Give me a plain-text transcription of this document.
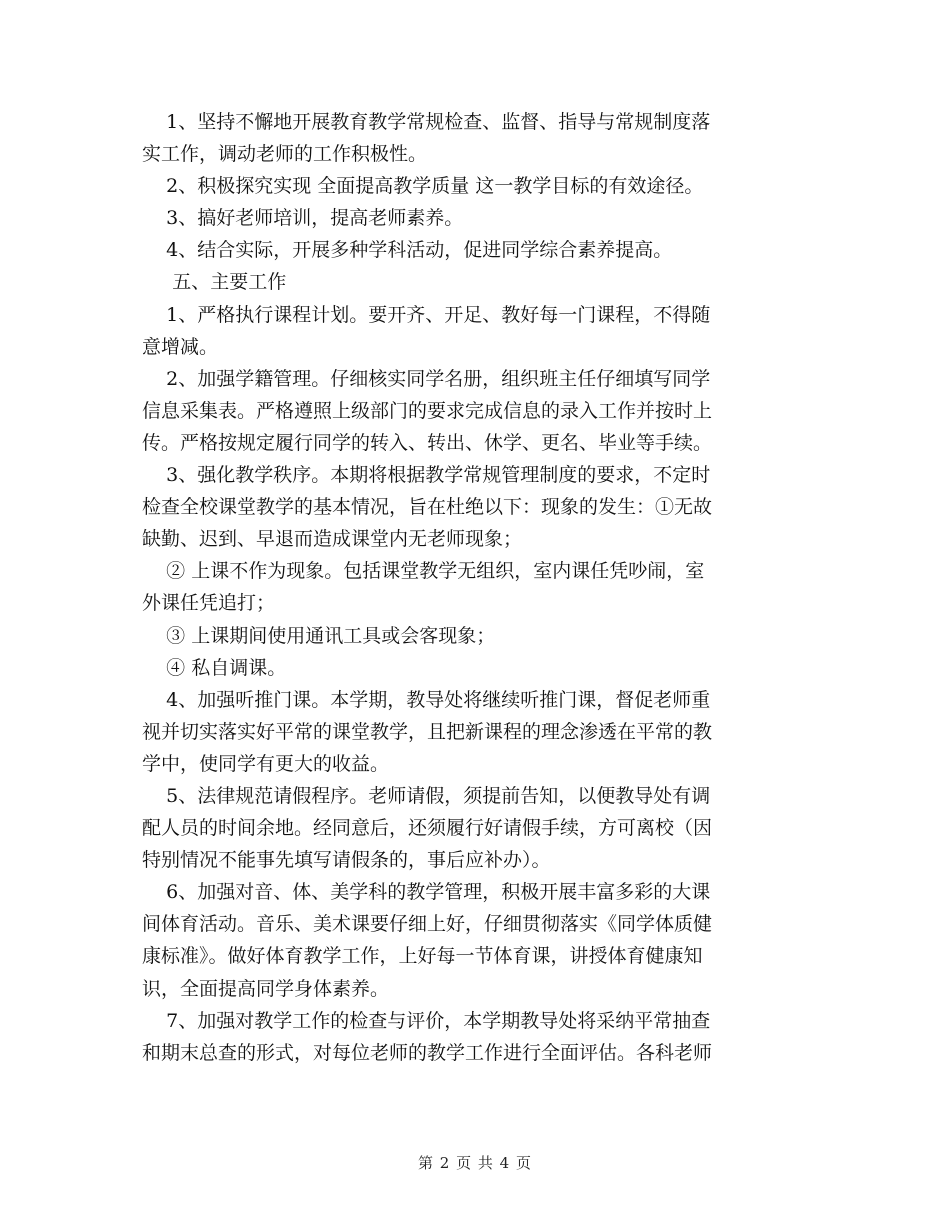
1、坚持不懈地开展教育教学常规检查、监督、指导与常规制度落
实工作，调动老师的工作积极性。
2、积极探究实现 全面提高教学质量 这一教学目标的有效途径。
3、搞好老师培训，提高老师素养。
4、结合实际，开展多种学科活动，促进同学综合素养提高。
五、主要工作
1、严格执行课程计划。要开齐、开足、教好每一门课程，不得随
意增减。
2、加强学籍管理。仔细核实同学名册，组织班主任仔细填写同学
信息采集表。严格遵照上级部门的要求完成信息的录入工作并按时上
传。严格按规定履行同学的转入、转出、休学、更名、毕业等手续。
3、强化教学秩序。本期将根据教学常规管理制度的要求，不定时
检查全校课堂教学的基本情况，旨在杜绝以下：现象的发生：①无故
缺勤、迟到、早退而造成课堂内无老师现象；
② 上课不作为现象。包括课堂教学无组织，室内课任凭吵闹，室
外课任凭追打；
③ 上课期间使用通讯工具或会客现象；
④ 私自调课。
4、加强听推门课。本学期，教导处将继续听推门课，督促老师重
视并切实落实好平常的课堂教学，且把新课程的理念渗透在平常的教
学中，使同学有更大的收益。
5、法律规范请假程序。老师请假，须提前告知，以便教导处有调
配人员的时间余地。经同意后，还须履行好请假手续，方可离校（因
特别情况不能事先填写请假条的，事后应补办）。
6、加强对音、体、美学科的教学管理，积极开展丰富多彩的大课
间体育活动。音乐、美术课要仔细上好，仔细贯彻落实《同学体质健
康标准》。做好体育教学工作，上好每一节体育课，讲授体育健康知
识，全面提高同学身体素养。
7、加强对教学工作的检查与评价，本学期教导处将采纳平常抽查
和期末总查的形式，对每位老师的教学工作进行全面评估。各科老师
第 2 页 共 4 页
